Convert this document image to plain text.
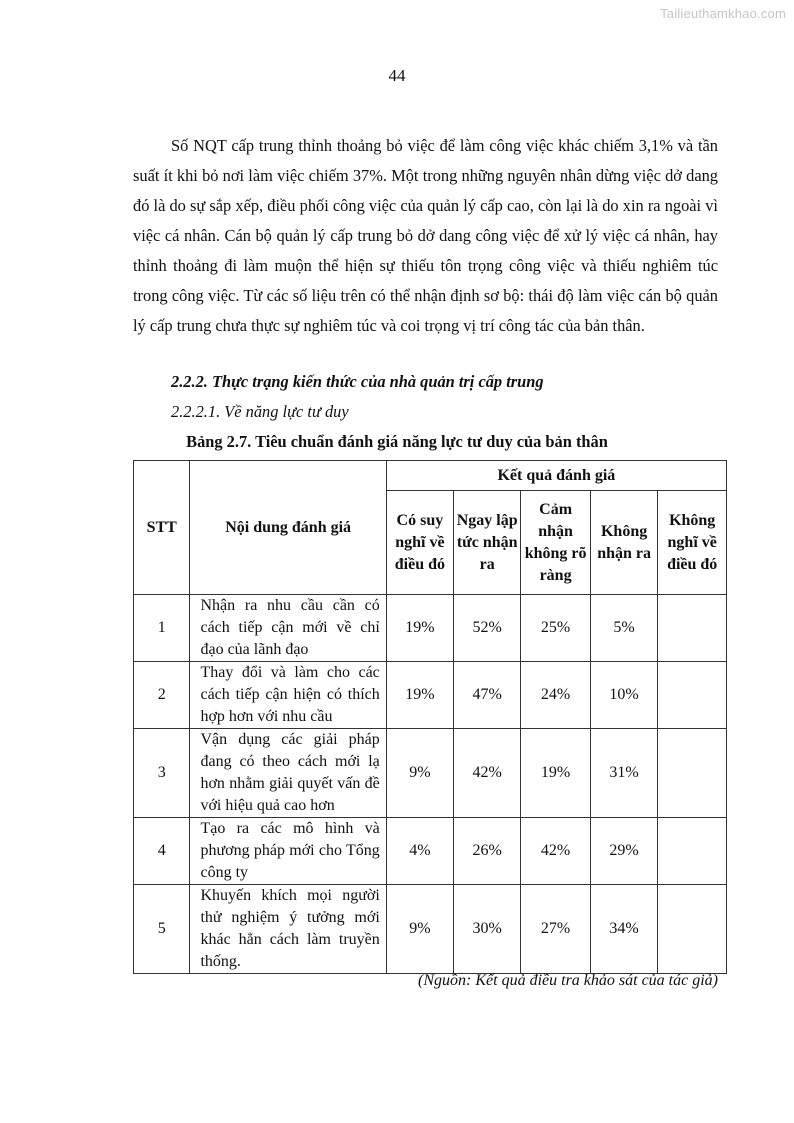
Tailieuthamkhao.com
44

Số NQT cấp trung thỉnh thoảng bỏ việc để làm công việc khác chiếm 3,1% và tần suất ít khi bỏ nơi làm việc chiếm 37%. Một trong những nguyên nhân dừng việc dở dang đó là do sự sắp xếp, điều phối công việc của quản lý cấp cao, còn lại là do xin ra ngoài vì việc cá nhân. Cán bộ quản lý cấp trung bỏ dở dang công việc để xử lý việc cá nhân, hay thỉnh thoảng đi làm muộn thể hiện sự thiếu tôn trọng công việc và thiếu nghiêm túc trong công việc. Từ các số liệu trên có thể nhận định sơ bộ: thái độ làm việc cán bộ quản lý cấp trung chưa thực sự nghiêm túc và coi trọng vị trí công tác của bản thân.

2.2.2. Thực trạng kiến thức của nhà quản trị cấp trung

2.2.2.1. Về năng lực tư duy

Bảng 2.7. Tiêu chuẩn đánh giá năng lực tư duy của bản thân
STT	Nội dung đánh giá	Kết quả đánh giá				
		Có suy nghĩ về điều đó	Ngay lập tức nhận ra	Cảm nhận không rõ ràng	Không nhận ra	Không nghĩ về điều đó
1	Nhận ra nhu cầu cần có cách tiếp cận mới về chỉ đạo của lãnh đạo	19%	52%	25%	5%	
2	Thay đổi và làm cho các cách tiếp cận hiện có thích hợp hơn với nhu cầu	19%	47%	24%	10%	
3	Vận dụng các giải pháp đang có theo cách mới lạ hơn nhằm giải quyết vấn đề với hiệu quả cao hơn	9%	42%	19%	31%	
4	Tạo ra các mô hình và phương pháp mới cho Tổng công ty	4%	26%	42%	29%	
5	Khuyến khích mọi người thử nghiệm ý tưởng mới khác hẳn cách làm truyền thống.	9%	30%	27%	34%	
(Nguồn: Kết quả điều tra khảo sát của tác giả)
